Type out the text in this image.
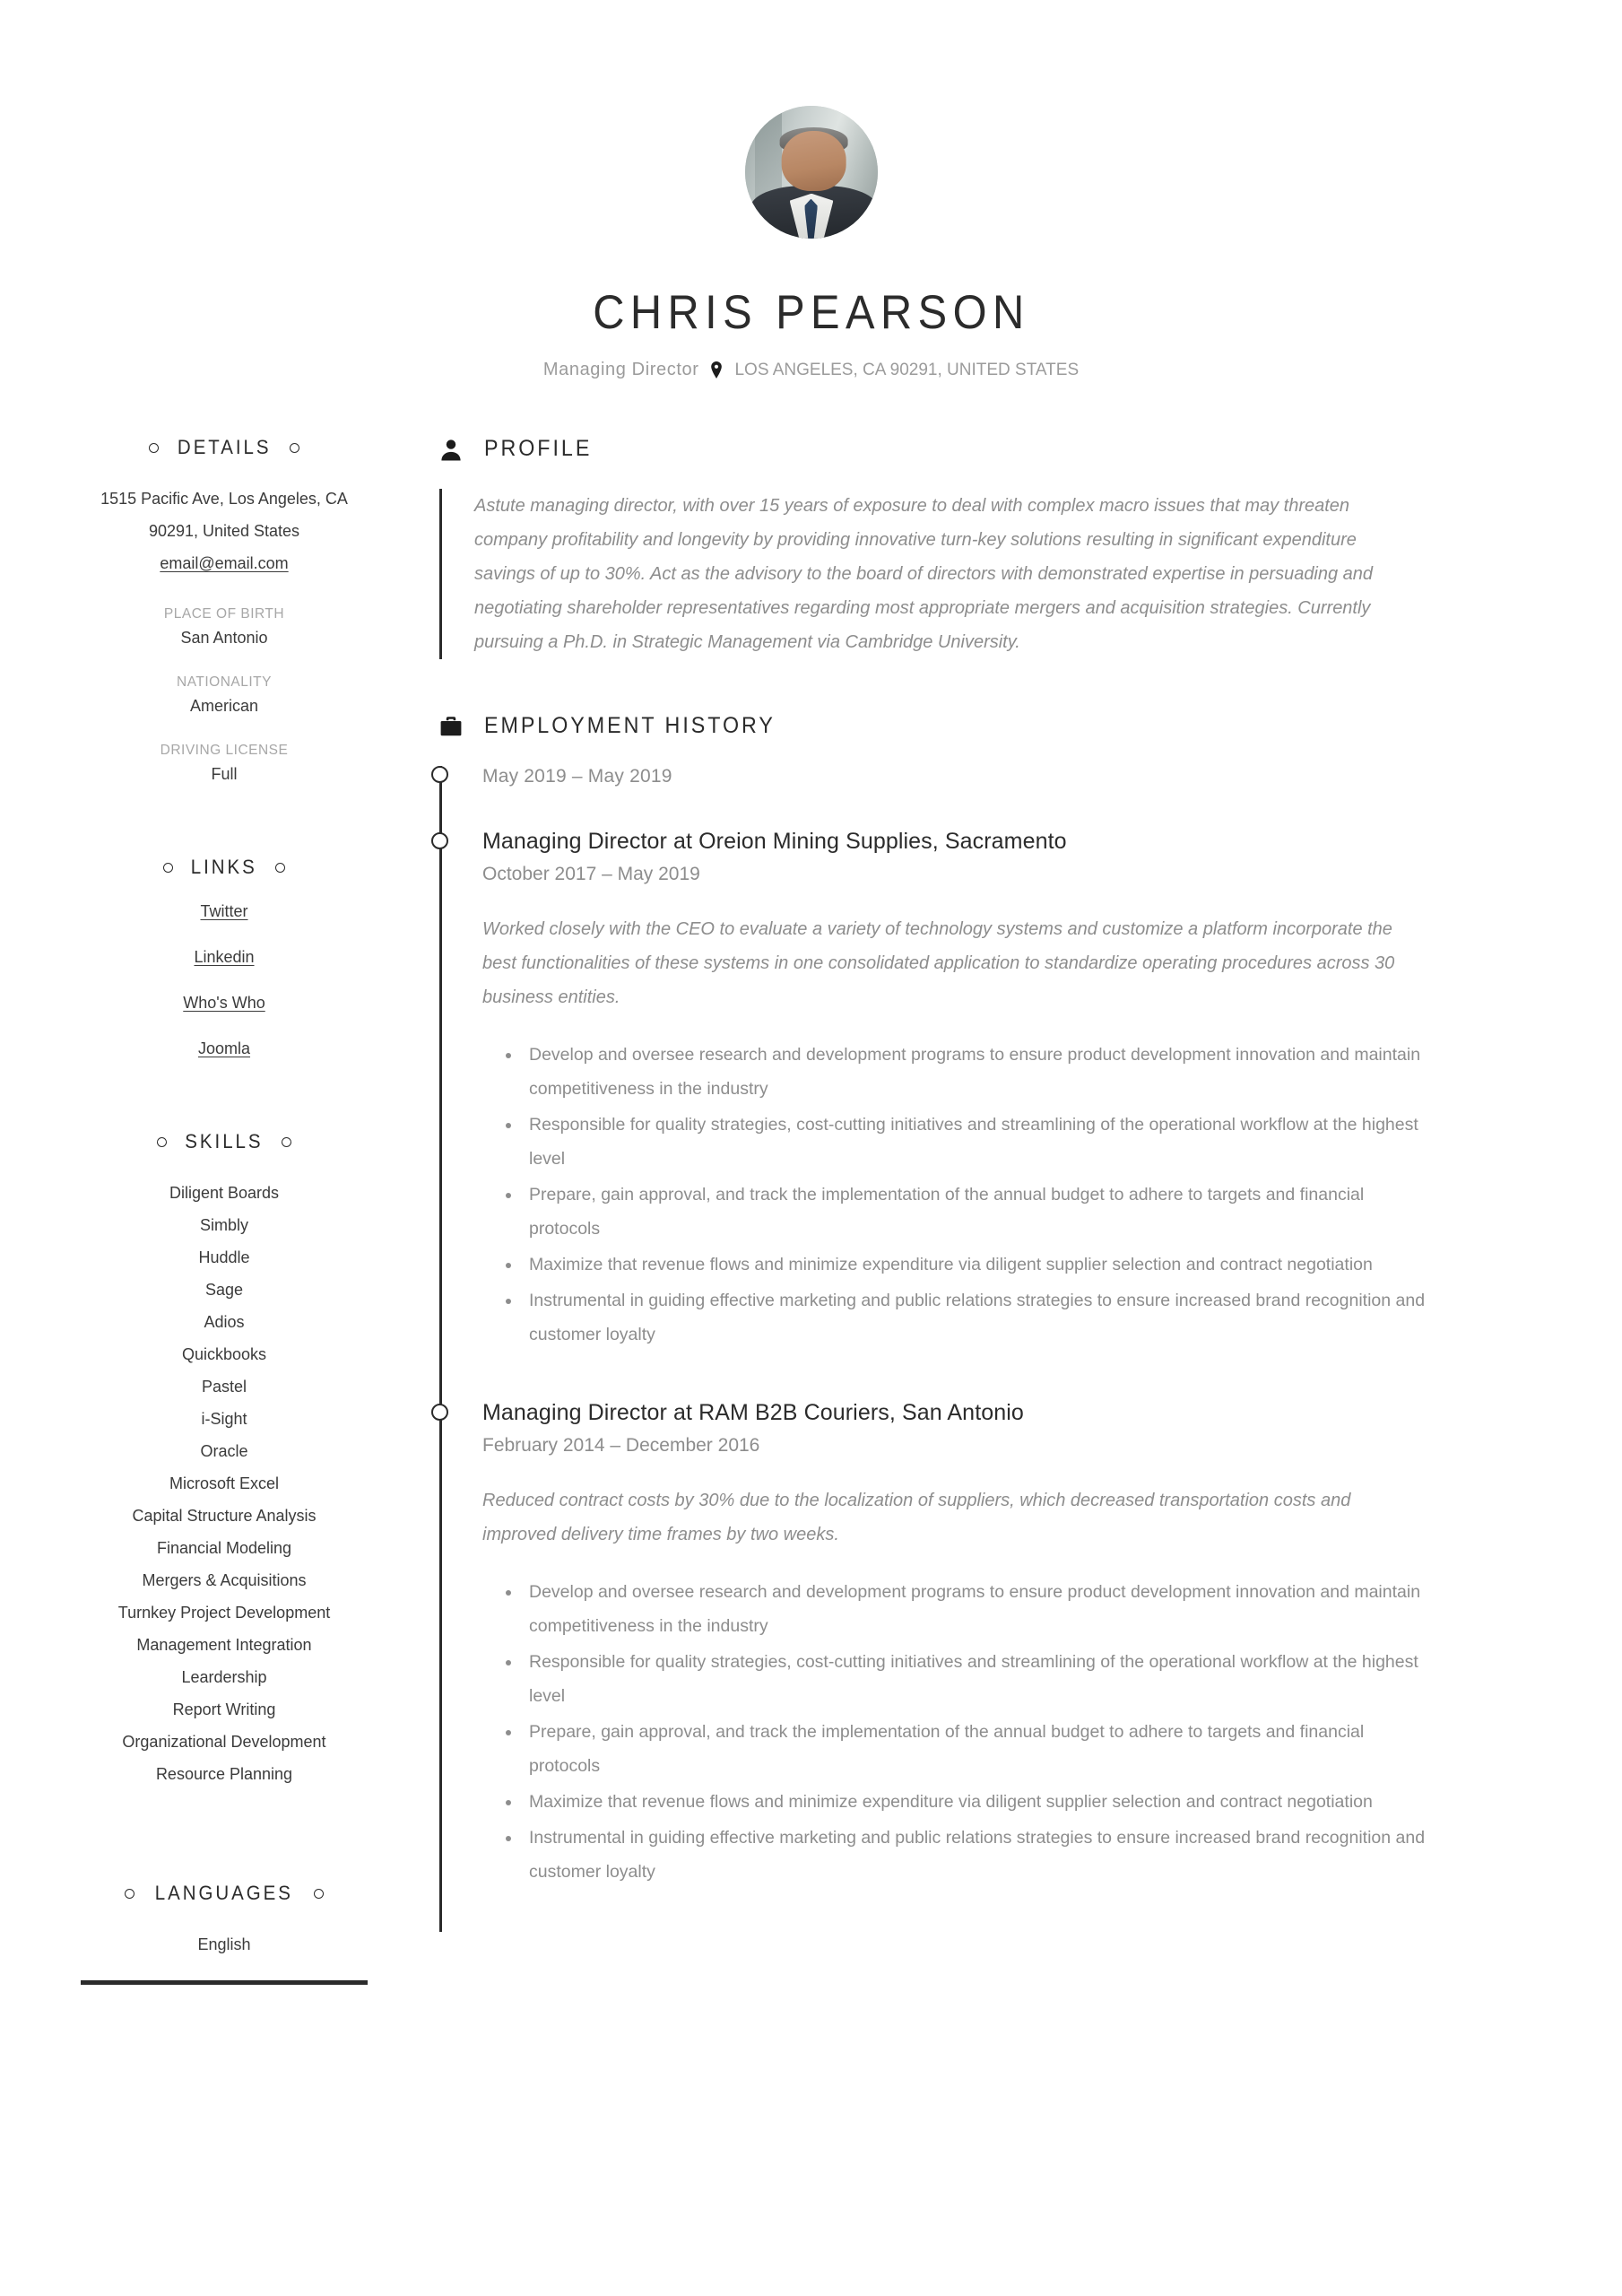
CHRIS PEARSON
Managing Director LOS ANGELES, CA 90291, UNITED STATES
DETAILS
1515 Pacific Ave, Los Angeles, CA
90291, United States
email@email.com
PLACE OF BIRTH
San Antonio
NATIONALITY
American
DRIVING LICENSE
Full
LINKS
Twitter
Linkedin
Who's Who
Joomla
SKILLS
Diligent Boards
Simbly
Huddle
Sage
Adios
Quickbooks
Pastel
i-Sight
Oracle
Microsoft Excel
Capital Structure Analysis
Financial Modeling
Mergers & Acquisitions
Turnkey Project Development
Management Integration
Leardership
Report Writing
Organizational Development
Resource Planning
LANGUAGES
English
PROFILE
Astute managing director, with over 15 years of exposure to deal with complex macro issues that may threaten company profitability and longevity by providing innovative turn-key solutions resulting in significant expenditure savings of up to 30%. Act as the advisory to the board of directors with demonstrated expertise in persuading and negotiating shareholder representatives regarding most appropriate mergers and acquisition strategies. Currently pursuing a Ph.D. in Strategic Management via Cambridge University.
EMPLOYMENT HISTORY
May 2019 – May 2019
Managing Director at Oreion Mining Supplies, Sacramento
October 2017 – May 2019
Worked closely with the CEO to evaluate a variety of technology systems and customize a platform incorporate the best functionalities of these systems in one consolidated application to standardize operating procedures across 30 business entities.
Develop and oversee research and development programs to ensure product development innovation and maintain competitiveness in the industry
Responsible for quality strategies, cost-cutting initiatives and streamlining of the operational workflow at the highest level
Prepare, gain approval, and track the implementation of the annual budget to adhere to targets and financial protocols
Maximize that revenue flows and minimize expenditure via diligent supplier selection and contract negotiation
Instrumental in guiding effective marketing and public relations strategies to ensure increased brand recognition and customer loyalty
Managing Director at RAM B2B Couriers, San Antonio
February 2014 – December 2016
Reduced contract costs by 30% due to the localization of suppliers, which decreased transportation costs and improved delivery time frames by two weeks.
Develop and oversee research and development programs to ensure product development innovation and maintain competitiveness in the industry
Responsible for quality strategies, cost-cutting initiatives and streamlining of the operational workflow at the highest level
Prepare, gain approval, and track the implementation of the annual budget to adhere to targets and financial protocols
Maximize that revenue flows and minimize expenditure via diligent supplier selection and contract negotiation
Instrumental in guiding effective marketing and public relations strategies to ensure increased brand recognition and customer loyalty
